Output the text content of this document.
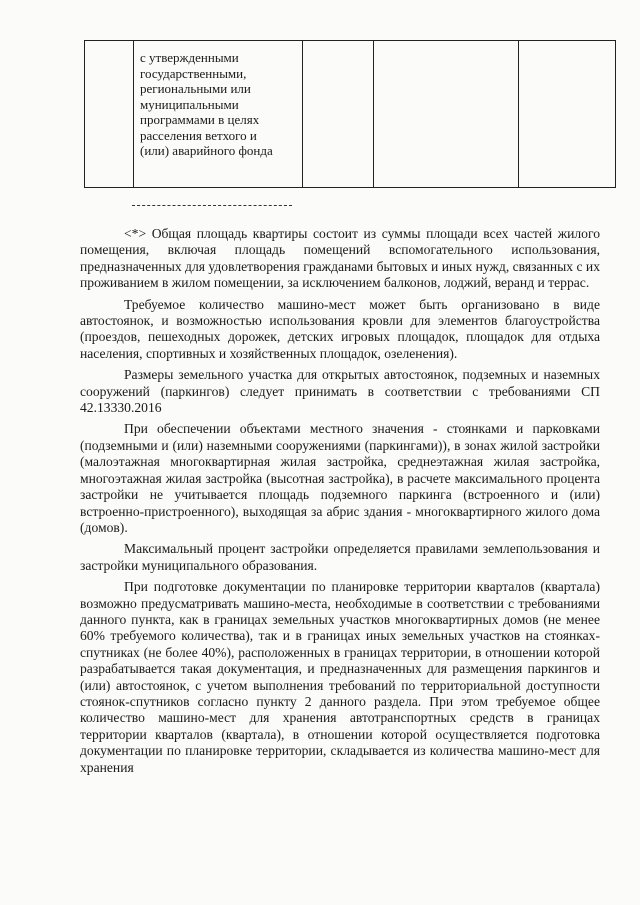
с утвержденными
государственными,
региональными или
муниципальными
программами в целях
расселения ветхого и
(или) аварийного фонда

<*> Общая площадь квартиры состоит из суммы площади всех частей жилого помещения, включая площадь помещений вспомогательного использования, предназначенных для удовлетворения гражданами бытовых и иных нужд, связанных с их проживанием в жилом помещении, за исключением балконов, лоджий, веранд и террас.

Требуемое количество машино-мест может быть организовано в виде автостоянок, и возможностью использования кровли для элементов благоустройства (проездов, пешеходных дорожек, детских игровых площадок, площадок для отдыха населения, спортивных и хозяйственных площадок, озеленения).

Размеры земельного участка для открытых автостоянок, подземных и наземных сооружений (паркингов) следует принимать в соответствии с требованиями СП 42.13330.2016

При обеспечении объектами местного значения - стоянками и парковками (подземными и (или) наземными сооружениями (паркингами)), в зонах жилой застройки (малоэтажная многоквартирная жилая застройка, среднеэтажная жилая застройка, многоэтажная жилая застройка (высотная застройка), в расчете максимального процента застройки не учитывается площадь подземного паркинга (встроенного и (или) встроенно-пристроенного), выходящая за абрис здания - многоквартирного жилого дома (домов).

Максимальный процент застройки определяется правилами землепользования и застройки муниципального образования.

При подготовке документации по планировке территории кварталов (квартала) возможно предусматривать машино-места, необходимые в соответствии с требованиями данного пункта, как в границах земельных участков многоквартирных домов (не менее 60% требуемого количества), так и в границах иных земельных участков на стоянках-спутниках (не более 40%), расположенных в границах территории, в отношении которой разрабатывается такая документация, и предназначенных для размещения паркингов и (или) автостоянок, с учетом выполнения требований по территориальной доступности стоянок-спутников согласно пункту 2 данного раздела. При этом требуемое общее количество машино-мест для хранения автотранспортных средств в границах территории кварталов (квартала), в отношении которой осуществляется подготовка документации по планировке территории, складывается из количества машино-мест для хранения
